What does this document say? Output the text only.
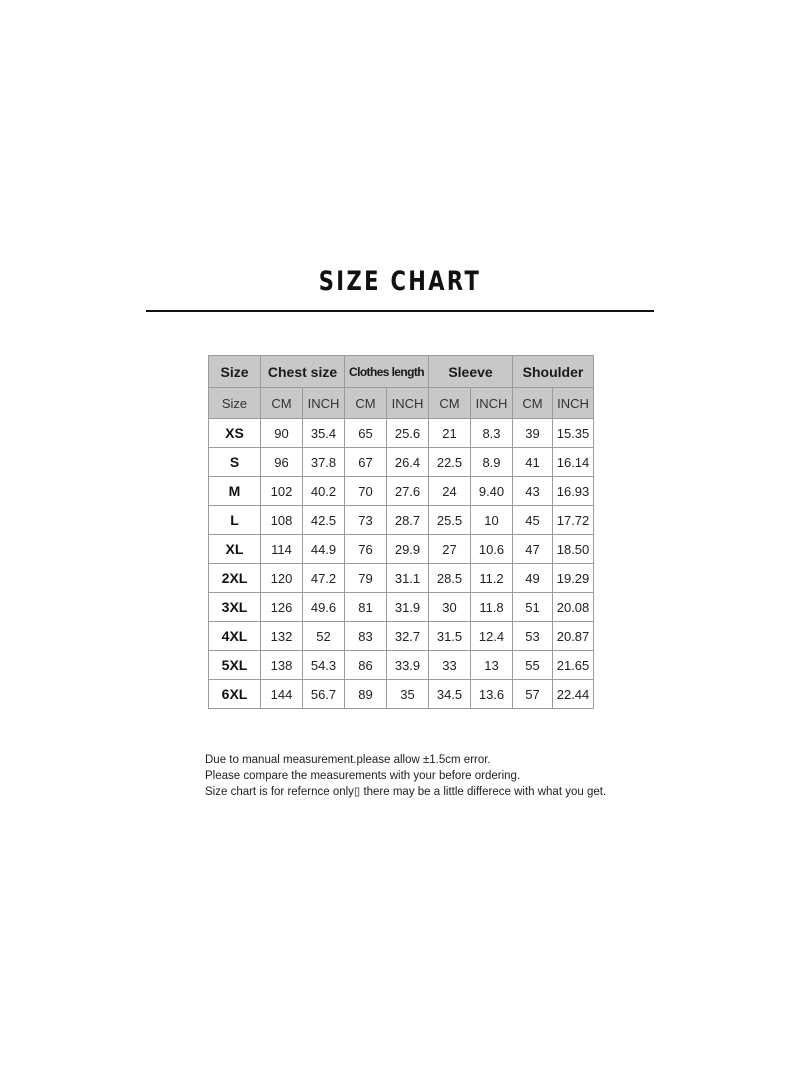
SIZE CHART
Size	Chest size		Clothes length		Sleeve		Shoulder	
Size	CM	INCH	CM	INCH	CM	INCH	CM	INCH
XS	90	35.4	65	25.6	21	8.3	39	15.35
S	96	37.8	67	26.4	22.5	8.9	41	16.14
M	102	40.2	70	27.6	24	9.40	43	16.93
L	108	42.5	73	28.7	25.5	10	45	17.72
XL	114	44.9	76	29.9	27	10.6	47	18.50
2XL	120	47.2	79	31.1	28.5	11.2	49	19.29
3XL	126	49.6	81	31.9	30	11.8	51	20.08
4XL	132	52	83	32.7	31.5	12.4	53	20.87
5XL	138	54.3	86	33.9	33	13	55	21.65
6XL	144	56.7	89	35	34.5	13.6	57	22.44
Due to manual measurement.please allow ±1.5cm error.
Please compare the measurements with your before ordering.
Size chart is for refernce only▯ there may be a little differece with what you get.
